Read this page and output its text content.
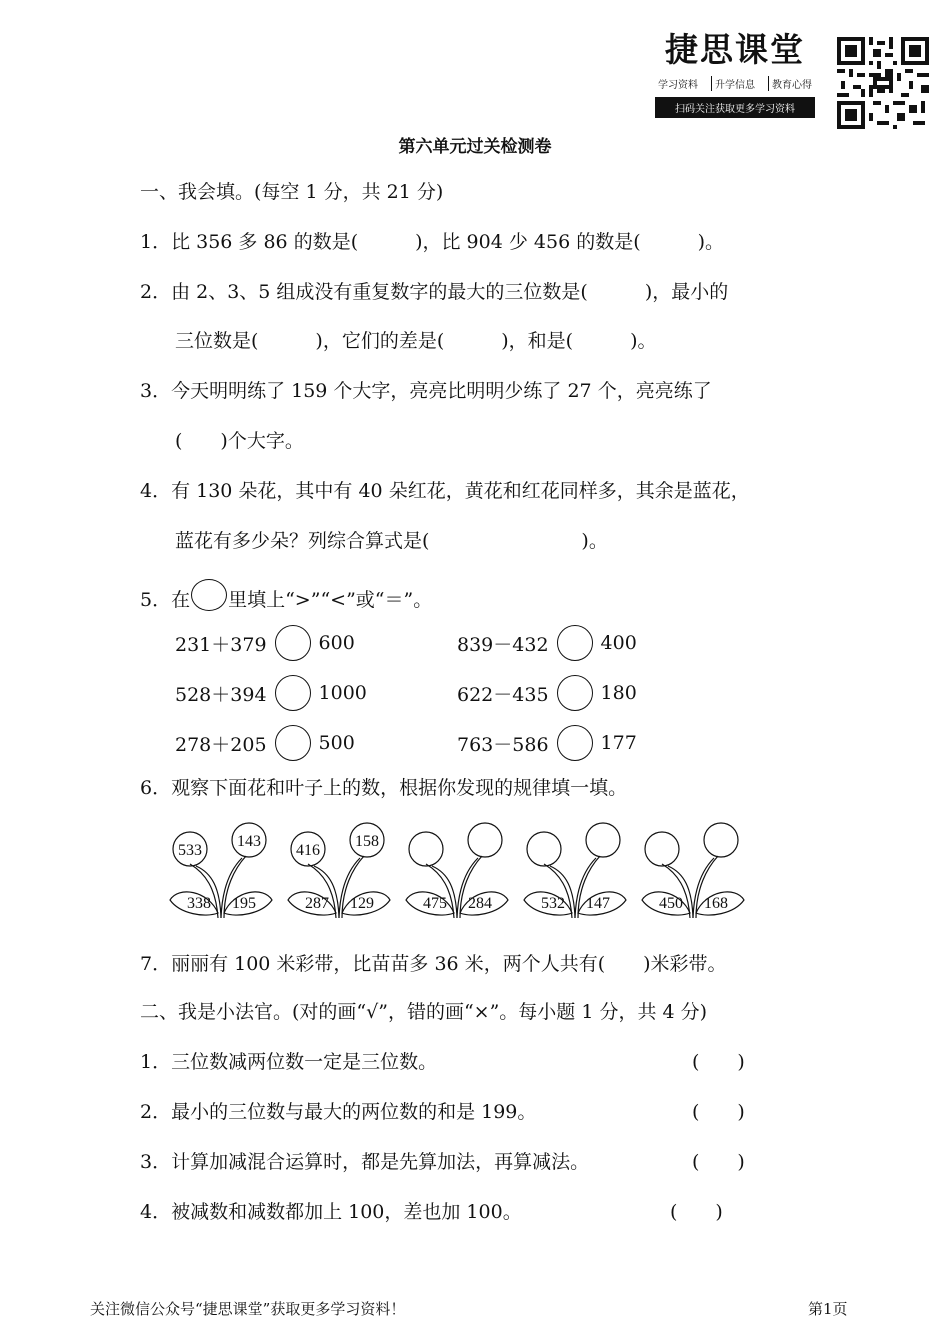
捷思课堂
学习资料	升学信息	教育心得
扫码关注获取更多学习资料
第六单元过关检测卷
一、我会填。(每空 1 分，共 21 分)
1．比 356 多 86 的数是(　　　)，比 904 少 456 的数是(　　　)。
2．由 2、3、5 组成没有重复数字的最大的三位数是(　　　)，最小的
三位数是(　　　)，它们的差是(　　　)，和是(　　　)。
3．今天明明练了 159 个大字，亮亮比明明少练了 27 个，亮亮练了
(　　)个大字。
4．有 130 朵花，其中有 40 朵红花，黄花和红花同样多，其余是蓝花，
蓝花有多少朵？列综合算式是(　　　　　　　　)。
5．在 里填上“>”“<”或“＝”。
231＋379	600	839－432	400
528＋394	1000	622－435	180
278＋205	500	763－586	177
6．观察下面花和叶子上的数，根据你发现的规律填一填。
533
143
338 195
416
158
287 129	475 284	532 147	450 168
7．丽丽有 100 米彩带，比苗苗多 36 米，两个人共有(　　)米彩带。
二、我是小法官。(对的画“√”，错的画“×”。每小题 1 分，共 4 分)
1．三位数减两位数一定是三位数。	(　　)
2．最小的三位数与最大的两位数的和是 199。	(　　)
3．计算加减混合运算时，都是先算加法，再算减法。	(　　)
4．被减数和减数都加上 100，差也加 100。	(　　)
关注微信公众号“捷思课堂”获取更多学习资料！	第1页
